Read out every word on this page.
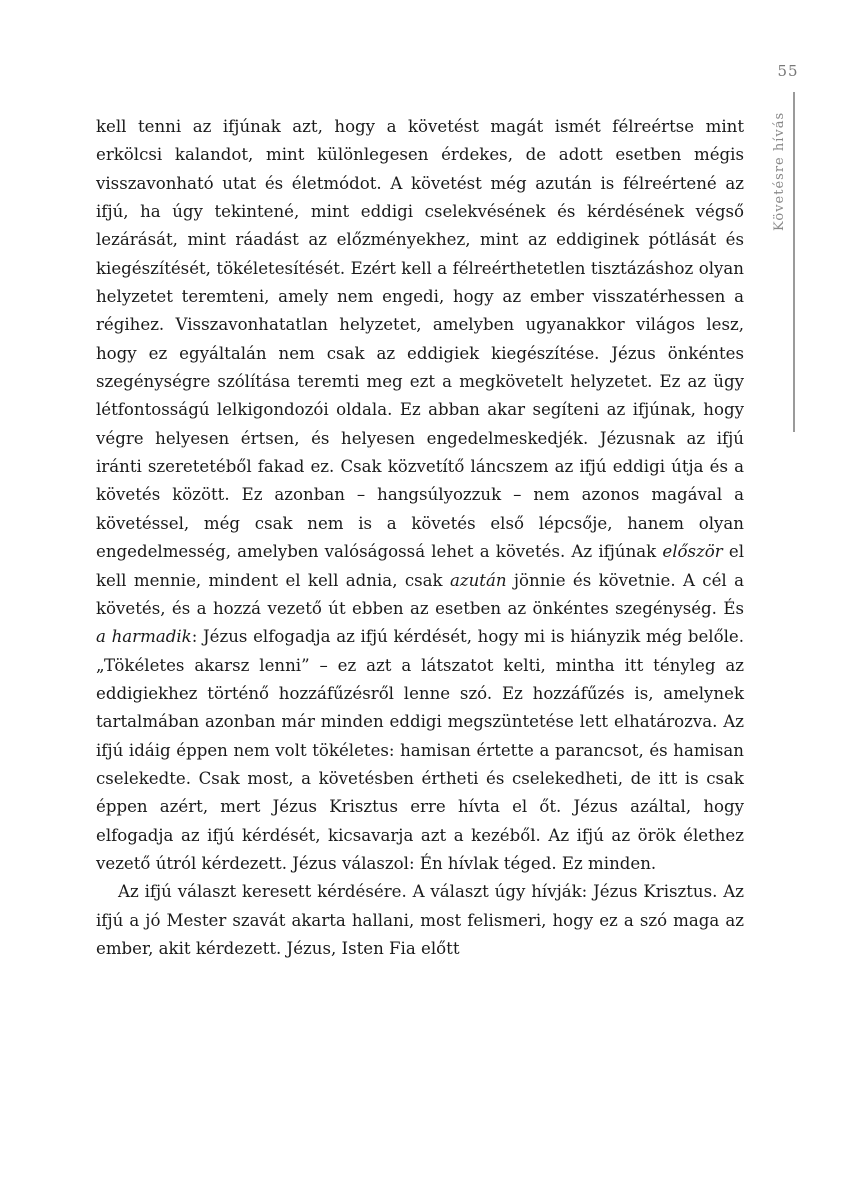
55
Követésre hívás

kell tenni az ifjúnak azt, hogy a követést magát ismét félreértse mint erkölcsi kalandot, mint különlegesen érdekes, de adott esetben mégis visszavonható utat és életmódot. A követést még azután is félreértené az ifjú, ha úgy tekintené, mint eddigi cselekvésének és kérdésének végső lezárását, mint ráadást az előzményekhez, mint az eddiginek pótlását és kiegészítését, tökéletesítését. Ezért kell a félreérthetetlen tisztázáshoz olyan helyzetet teremteni, amely nem engedi, hogy az ember visszatérhessen a régihez. Visszavonhatatlan helyzetet, amelyben ugyanakkor világos lesz, hogy ez egyáltalán nem csak az eddigiek kiegészítése. Jézus önkéntes szegénységre szólítása teremti meg ezt a megkövetelt helyzetet. Ez az ügy létfontosságú lelkigondozói oldala. Ez abban akar segíteni az ifjúnak, hogy végre helyesen értsen, és helyesen engedelmeskedjék. Jézusnak az ifjú iránti szeretetéből fakad ez. Csak közvetítő láncszem az ifjú eddigi útja és a követés között. Ez azonban – hangsúlyozzuk – nem azonos magával a követéssel, még csak nem is a követés első lépcsője, hanem olyan engedelmesség, amelyben valóságossá lehet a követés. Az ifjúnak először el kell mennie, mindent el kell adnia, csak azután jönnie és követnie. A cél a követés, és a hozzá vezető út ebben az esetben az önkéntes szegénység. És a harmadik: Jézus elfogadja az ifjú kérdését, hogy mi is hiányzik még belőle. „Tökéletes akarsz lenni” – ez azt a látszatot kelti, mintha itt tényleg az eddigiekhez történő hozzáfűzésről lenne szó. Ez hozzáfűzés is, amelynek tartalmában azonban már minden eddigi megszüntetése lett elhatározva. Az ifjú idáig éppen nem volt tökéletes: hamisan értette a parancsot, és hamisan cselekedte. Csak most, a követésben értheti és cselekedheti, de itt is csak éppen azért, mert Jézus Krisztus erre hívta el őt. Jézus azáltal, hogy elfogadja az ifjú kérdését, kicsavarja azt a kezéből. Az ifjú az örök élethez vezető útról kérdezett. Jézus válaszol: Én hívlak téged. Ez minden.

Az ifjú választ keresett kérdésére. A választ úgy hívják: Jézus Krisztus. Az ifjú a jó Mester szavát akarta hallani, most felismeri, hogy ez a szó maga az ember, akit kérdezett. Jézus, Isten Fia előtt
